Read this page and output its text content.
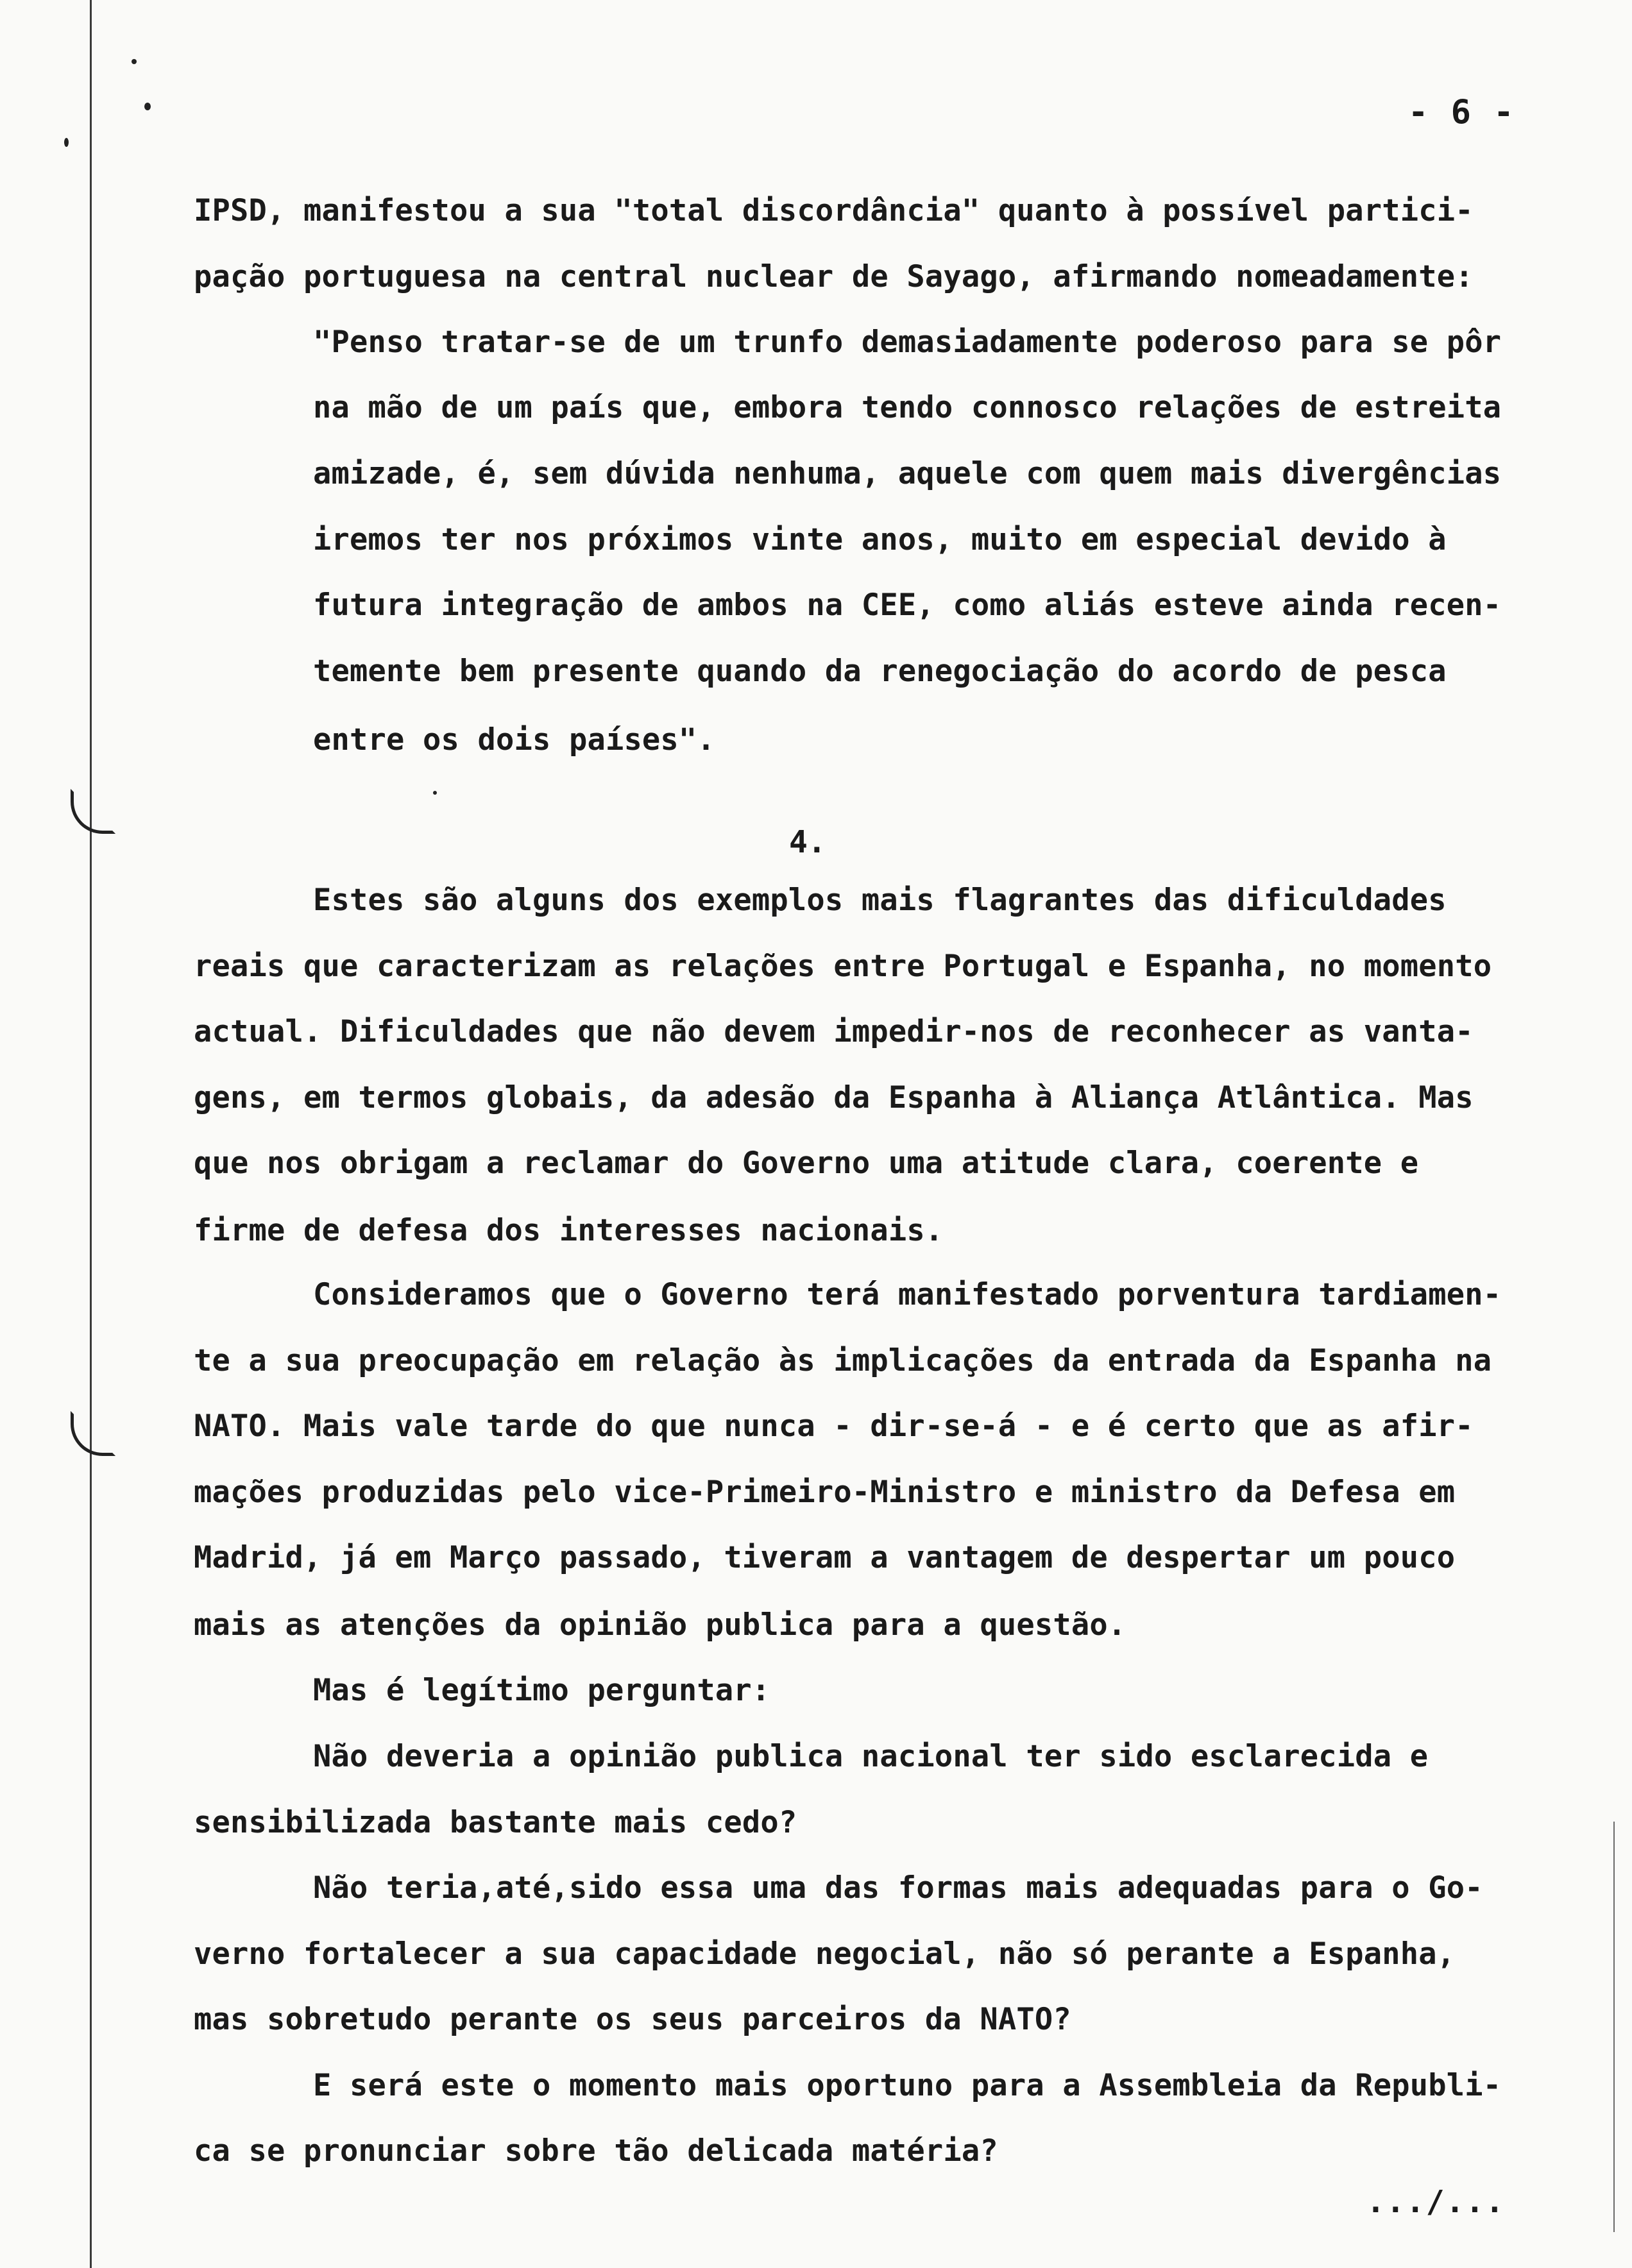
- 6 -
IPSD, manifestou a sua "total discordância" quanto à possível partici-
pação portuguesa na central nuclear de Sayago, afirmando nomeadamente:
"Penso tratar-se de um trunfo demasiadamente poderoso para se pôr
na mão de um país que, embora tendo connosco relações de estreita
amizade, é, sem dúvida nenhuma, aquele com quem mais divergências
iremos ter nos próximos vinte anos, muito em especial devido à
futura integração de ambos na CEE, como aliás esteve ainda recen-
temente bem presente quando da renegociação do acordo de pesca
entre os dois países".
4.
Estes são alguns dos exemplos mais flagrantes das dificuldades
reais que caracterizam as relações entre Portugal e Espanha, no momento
actual. Dificuldades que não devem impedir-nos de reconhecer as vanta-
gens, em termos globais, da adesão da Espanha à Aliança Atlântica. Mas
que nos obrigam a reclamar do Governo uma atitude clara, coerente e
firme de defesa dos interesses nacionais.
Consideramos que o Governo terá manifestado porventura tardiamen-
te a sua preocupação em relação às implicações da entrada da Espanha na
NATO. Mais vale tarde do que nunca - dir-se-á - e é certo que as afir-
mações produzidas pelo vice-Primeiro-Ministro e ministro da Defesa em
Madrid, já em Março passado, tiveram a vantagem de despertar um pouco
mais as atenções da opinião publica para a questão.
Mas é legítimo perguntar:
Não deveria a opinião publica nacional ter sido esclarecida e
sensibilizada bastante mais cedo?
Não teria,até,sido essa uma das formas mais adequadas para o Go-
verno fortalecer a sua capacidade negocial, não só perante a Espanha,
mas sobretudo perante os seus parceiros da NATO?
E será este o momento mais oportuno para a Assembleia da Republi-
ca se pronunciar sobre tão delicada matéria?
.../...
